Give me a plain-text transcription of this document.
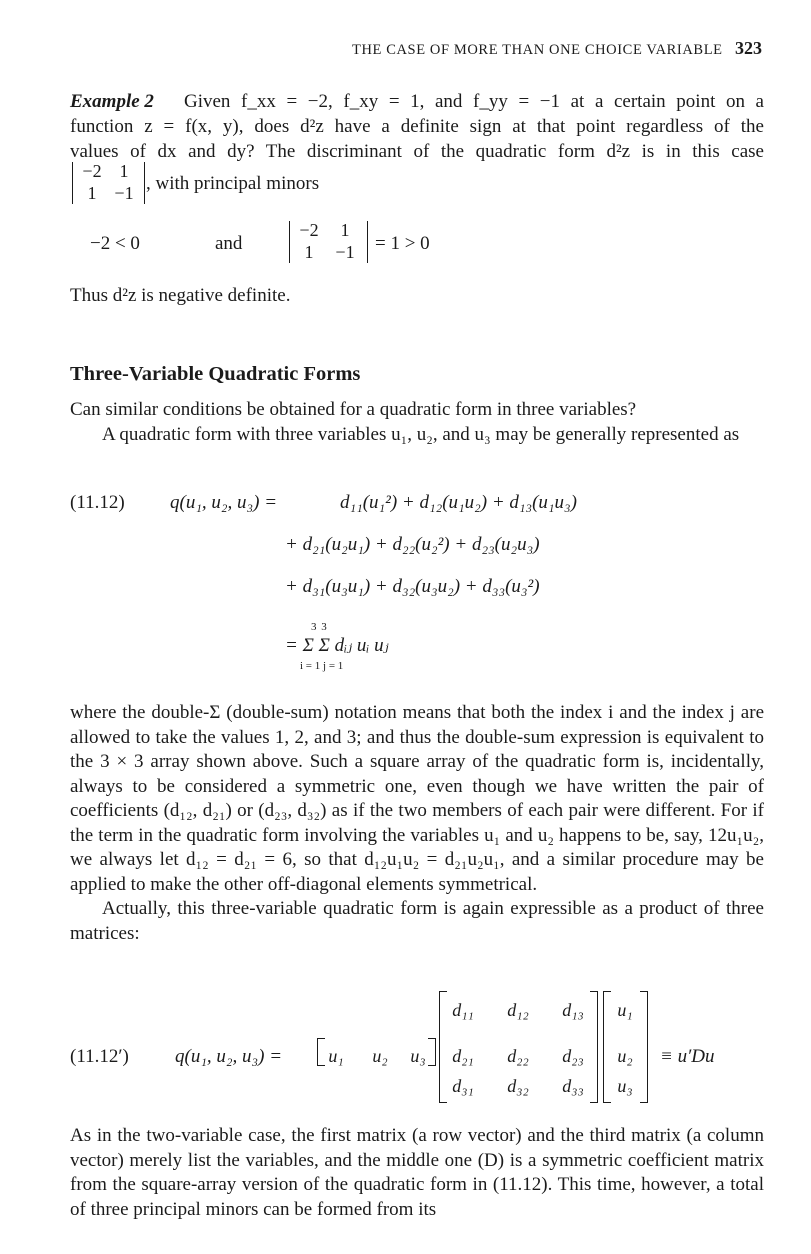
THE CASE OF MORE THAN ONE CHOICE VARIABLE 323
Example 2 Given f_xx = −2, f_xy = 1, and f_yy = −1 at a certain point on a
function z = f(x, y), does d²z have a definite sign at that point regardless of the
values of dx and dy? The discriminant of the quadratic form d²z is in this case
−2 1
1 −1 , with principal minors
−2 < 0	and
−2	1
1	−1	= 1 > 0
Thus d²z is negative definite.
Three-Variable Quadratic Forms

Can similar conditions be obtained for a quadratic form in three variables?

A quadratic form with three variables u₁, u₂, and u₃ may be generally represented as

(11.12) q(u₁, u₂, u₃) =	d₁₁(u₁²) + d₁₂(u₁u₂) + d₁₃(u₁u₃)
+ d₂₁(u₂u₁) + d₂₂(u₂²) + d₂₃(u₂u₃)
+ d₃₁(u₃u₁) + d₃₂(u₃u₂) + d₃₃(u₃²)
3 3
= Σ Σ dᵢⱼ uᵢ uⱼ
i = 1 j = 1

where the double-Σ (double-sum) notation means that both the index i and the index j are allowed to take the values 1, 2, and 3; and thus the double-sum expression is equivalent to the 3 × 3 array shown above. Such a square array of the quadratic form is, incidentally, always to be considered a symmetric one, even though we have written the pair of coefficients (d₁₂, d₂₁) or (d₂₃, d₃₂) as if the two members of each pair were different. For if the term in the quadratic form involving the variables u₁ and u₂ happens to be, say, 12u₁u₂, we always let d₁₂ = d₂₁ = 6, so that d₁₂u₁u₂ = d₂₁u₂u₁, and a similar procedure may be applied to make the other off-diagonal elements symmetrical.

Actually, this three-variable quadratic form is again expressible as a product of three matrices:

(11.12′) q(u₁, u₂, u₃) =	u₁	u₂	u₃
d₁₁	d₁₂	d₁₃
d₂₁	d₂₂	d₂₃
d₃₁	d₃₂	d₃₃
u₁
u₂
u₃
≡ u′Du

As in the two-variable case, the first matrix (a row vector) and the third matrix (a column vector) merely list the variables, and the middle one (D) is a symmetric coefficient matrix from the square-array version of the quadratic form in (11.12). This time, however, a total of three principal minors can be formed from its
